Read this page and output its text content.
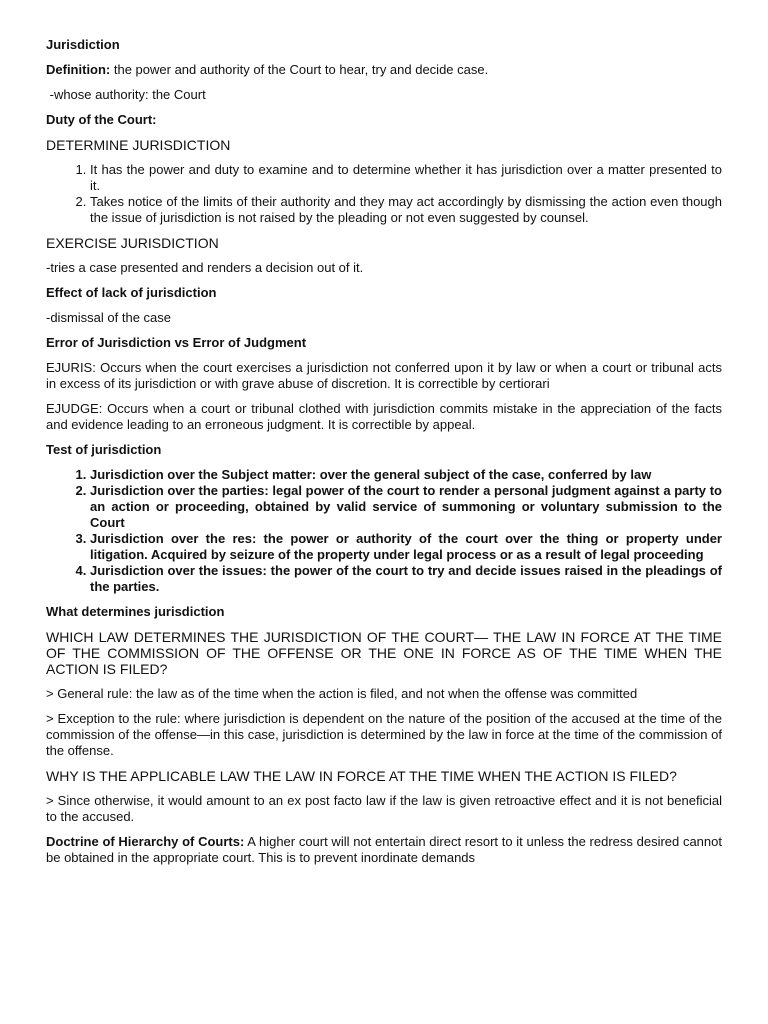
Jurisdiction

Definition: the power and authority of the Court to hear, try and decide case.

-whose authority: the Court

Duty of the Court:

DETERMINE JURISDICTION

1. It has the power and duty to examine and to determine whether it has jurisdiction over a matter presented to it.
2. Takes notice of the limits of their authority and they may act accordingly by dismissing the action even though the issue of jurisdiction is not raised by the pleading or not even suggested by counsel.

EXERCISE JURISDICTION

-tries a case presented and renders a decision out of it.

Effect of lack of jurisdiction

-dismissal of the case

Error of Jurisdiction vs Error of Judgment

EJURIS: Occurs when the court exercises a jurisdiction not conferred upon it by law or when a court or tribunal acts in excess of its jurisdiction or with grave abuse of discretion. It is correctible by certiorari

EJUDGE: Occurs when a court or tribunal clothed with jurisdiction commits mistake in the appreciation of the facts and evidence leading to an erroneous judgment. It is correctible by appeal.

Test of jurisdiction

1. Jurisdiction over the Subject matter: over the general subject of the case, conferred by law
2. Jurisdiction over the parties: legal power of the court to render a personal judgment against a party to an action or proceeding, obtained by valid service of summoning or voluntary submission to the Court
3. Jurisdiction over the res: the power or authority of the court over the thing or property under litigation. Acquired by seizure of the property under legal process or as a result of legal proceeding
4. Jurisdiction over the issues: the power of the court to try and decide issues raised in the pleadings of the parties.

What determines jurisdiction

WHICH LAW DETERMINES THE JURISDICTION OF THE COURT— THE LAW IN FORCE AT THE TIME OF THE COMMISSION OF THE OFFENSE OR THE ONE IN FORCE AS OF THE TIME WHEN THE ACTION IS FILED?

> General rule: the law as of the time when the action is filed, and not when the offense was committed

> Exception to the rule: where jurisdiction is dependent on the nature of the position of the accused at the time of the commission of the offense—in this case, jurisdiction is determined by the law in force at the time of the commission of the offense.

WHY IS THE APPLICABLE LAW THE LAW IN FORCE AT THE TIME WHEN THE ACTION IS FILED?

> Since otherwise, it would amount to an ex post facto law if the law is given retroactive effect and it is not beneficial to the accused.

Doctrine of Hierarchy of Courts: A higher court will not entertain direct resort to it unless the redress desired cannot be obtained in the appropriate court. This is to prevent inordinate demands
